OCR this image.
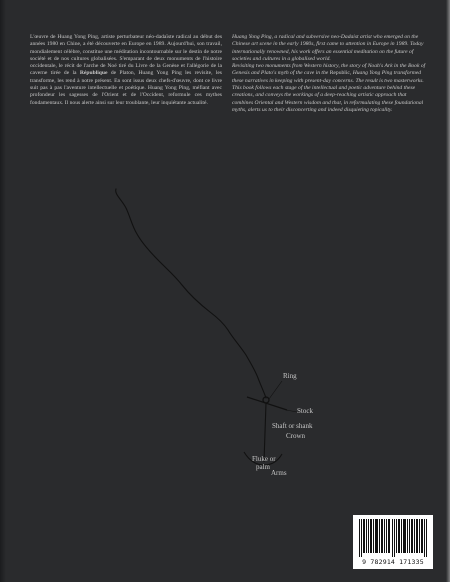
L'œuvre de Huang Yong Ping, artiste perturbateur néo-dadaïste radical au début des années 1980 en Chine, a été découverte en Europe en 1989. Aujourd'hui, son travail, mondialement célèbre, constitue une méditation incontournable sur le destin de notre société et de nos cultures globalisées. S'emparant de deux monuments de l'histoire occidentale, le récit de l'arche de Noé tiré du Livre de la Genèse et l'allégorie de la caverne tirée de la République de Platon, Huang Yong Ping les revisite, les transforme, les rend à notre présent. En sont issus deux chefs-d'œuvre, dont ce livre suit pas à pas l'aventure intellectuelle et poétique. Huang Yong Ping, méfiant avec profondeur les sagesses de l'Orient et de l'Occident, reformule ces mythes fondamentaux. Il nous alerte ainsi sur leur troublante, leur inquiétante actualité.

Huang Yong Ping, a radical and subversive neo-Dadaist artist who emerged on the Chinese art scene in the early 1980s, first came to attention in Europe in 1989. Today internationally renowned, his work offers an essential meditation on the future of societies and cultures in a globalised world.

Revisiting two monuments from Western history, the story of Noah's Ark in the Book of Genesis and Plato's myth of the cave in the Republic, Huang Yong Ping transformed these narratives in keeping with present-day concerns. The result is two masterworks. This book follows each stage of the intellectual and poetic adventure behind these creations, and conveys the workings of a deep-reaching artistic approach that combines Oriental and Western wisdom and that, in reformulating these foundational myths, alerts us to their disconcerting and indeed disquieting topicality.

Ring
Stock
Shaft or shank
Crown
Fluke or
palm
Arms
9 782914 171335
